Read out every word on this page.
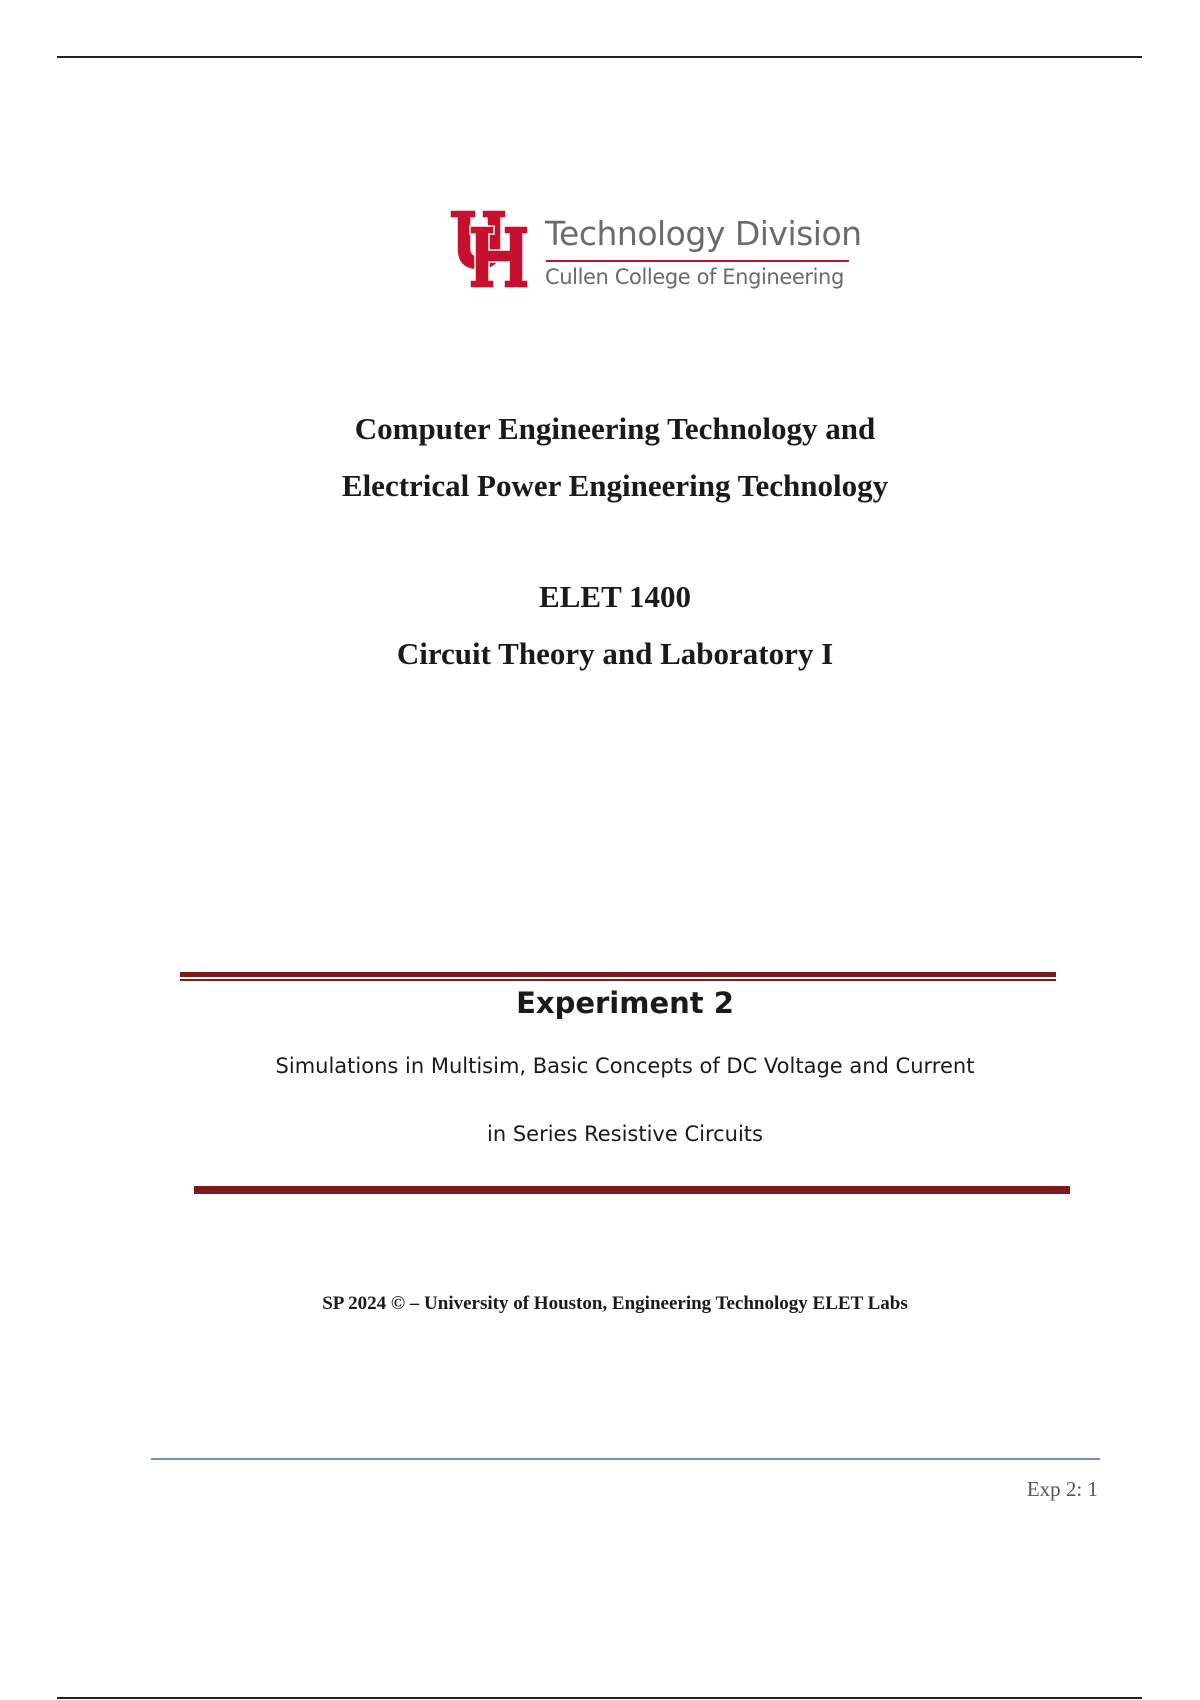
Technology Division
Cullen College of Engineering
Computer Engineering Technology and
Electrical Power Engineering Technology
ELET 1400
Circuit Theory and Laboratory I
Experiment 2
Simulations in Multisim, Basic Concepts of DC Voltage and Current
in Series Resistive Circuits
SP 2024 © – University of Houston, Engineering Technology ELET Labs
Exp 2: 1
